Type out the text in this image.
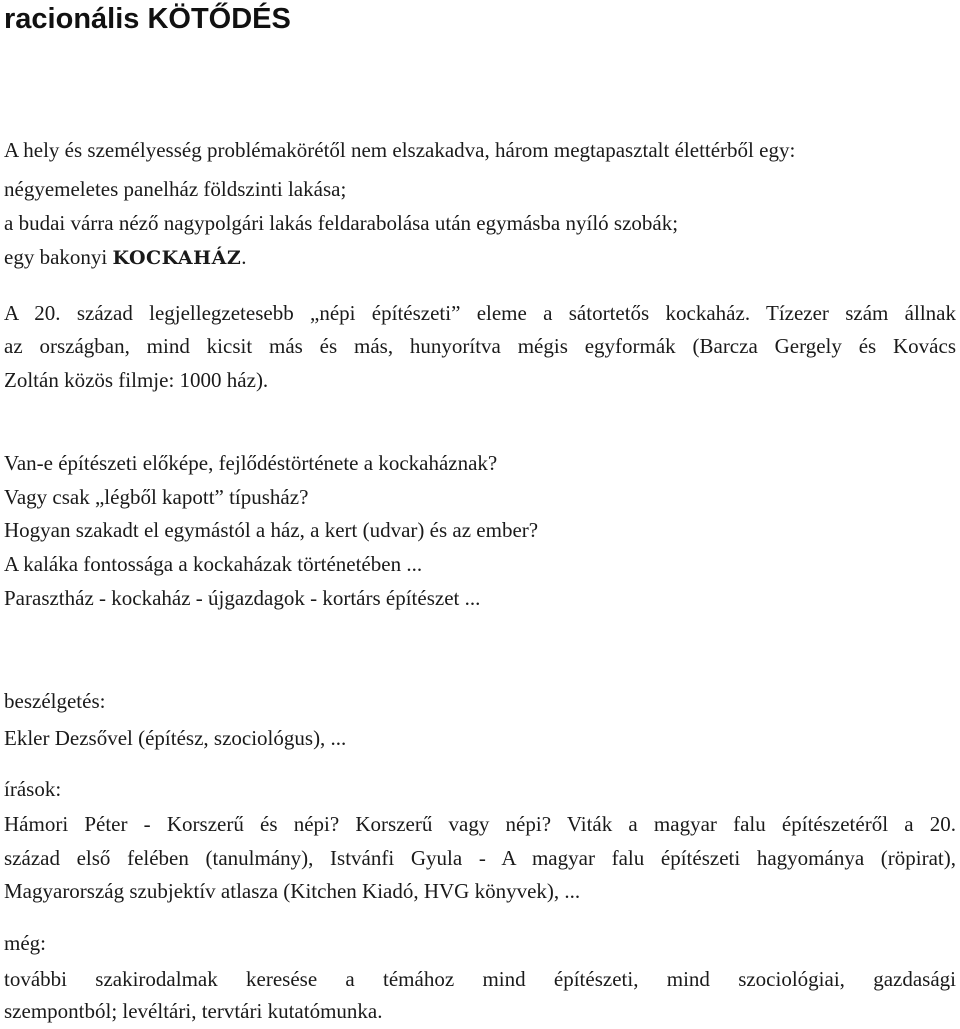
racionális KÖTŐDÉS

A hely és személyesség problémakörétől nem elszakadva, három megtapasztalt élettérből egy:

négyemeletes panelház földszinti lakása;

a budai várra néző nagypolgári lakás feldarabolása után egymásba nyíló szobák;

egy bakonyi KOCKAHÁZ.

A 20. század legjellegzetesebb „népi építészeti” eleme a sátortetős kockaház. Tízezer szám állnak

az országban, mind kicsit más és más, hunyorítva mégis egyformák (Barcza Gergely és Kovács

Zoltán közös filmje: 1000 ház).

Van-e építészeti előképe, fejlődéstörténete a kockaháznak?

Vagy csak „légből kapott” típusház?

Hogyan szakadt el egymástól a ház, a kert (udvar) és az ember?

A kaláka fontossága a kockaházak történetében ...

Parasztház - kockaház - újgazdagok - kortárs építészet ...

beszélgetés:

Ekler Dezsővel (építész, szociológus), ...

írások:

Hámori Péter - Korszerű és népi? Korszerű vagy népi? Viták a magyar falu építészetéről a 20.

század első felében (tanulmány), Istvánfi Gyula - A magyar falu építészeti hagyománya (röpirat),

Magyarország szubjektív atlasza (Kitchen Kiadó, HVG könyvek), ...

még:

további szakirodalmak keresése a témához mind építészeti, mind szociológiai, gazdasági

szempontból; levéltári, tervtári kutatómunka.
